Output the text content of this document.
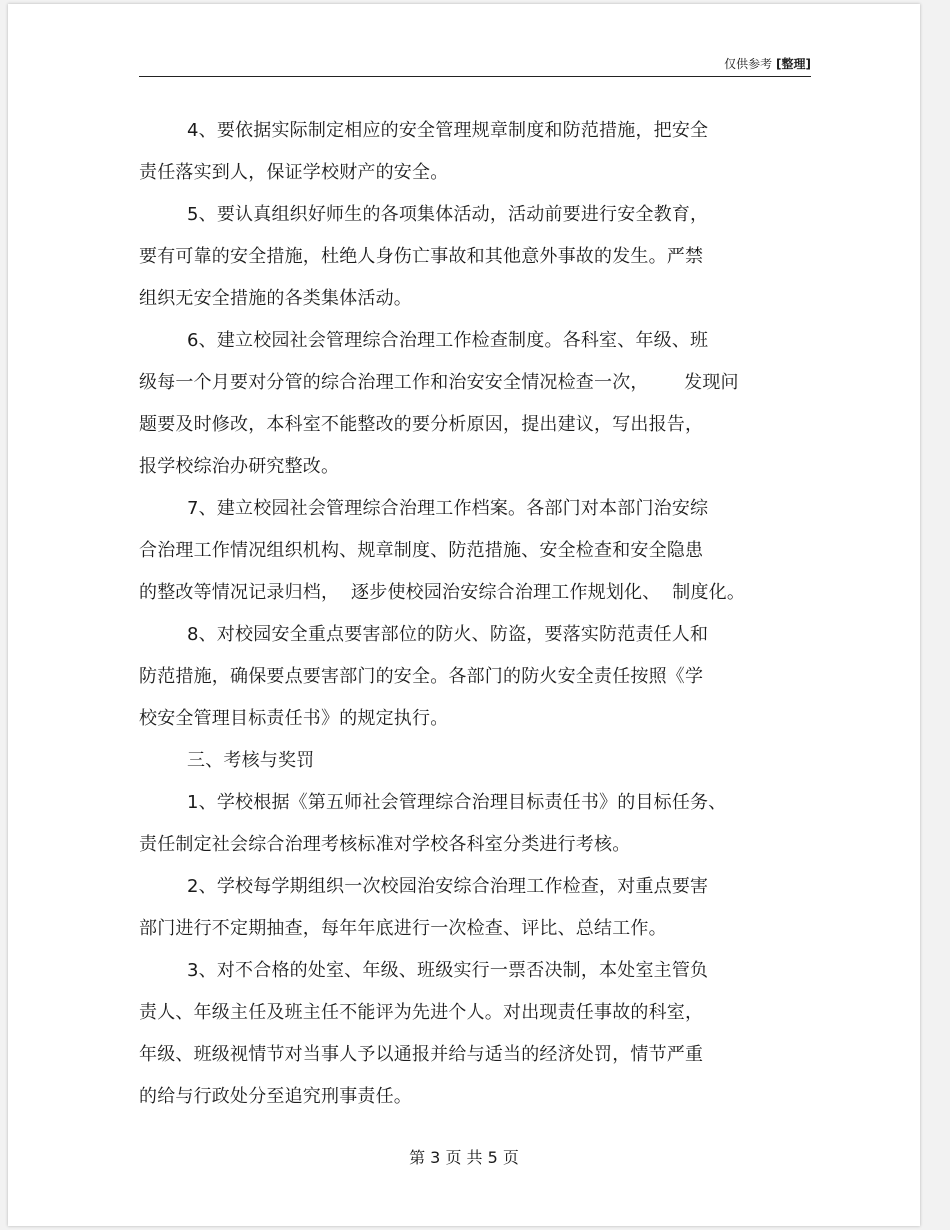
仅供参考 [整理]
4、要依据实际制定相应的安全管理规章制度和防范措施，把安全
责任落实到人，保证学校财产的安全。
5、要认真组织好师生的各项集体活动，活动前要进行安全教育，
要有可靠的安全措施，杜绝人身伤亡事故和其他意外事故的发生。严禁
组织无安全措施的各类集体活动。
6、建立校园社会管理综合治理工作检查制度。各科室、年级、班
级每一个月要对分管的综合治理工作和治安安全情况检查一次，      发现问
题要及时修改，本科室不能整改的要分析原因，提出建议，写出报告，
报学校综治办研究整改。
7、建立校园社会管理综合治理工作档案。各部门对本部门治安综
合治理工作情况组织机构、规章制度、防范措施、安全检查和安全隐患
的整改等情况记录归档，  逐步使校园治安综合治理工作规划化、  制度化。
8、对校园安全重点要害部位的防火、防盗，要落实防范责任人和
防范措施，确保要点要害部门的安全。各部门的防火安全责任按照《学
校安全管理目标责任书》的规定执行。
三、考核与奖罚
1、学校根据《第五师社会管理综合治理目标责任书》的目标任务、
责任制定社会综合治理考核标准对学校各科室分类进行考核。
2、学校每学期组织一次校园治安综合治理工作检查，对重点要害
部门进行不定期抽查，每年年底进行一次检查、评比、总结工作。
3、对不合格的处室、年级、班级实行一票否决制，本处室主管负
责人、年级主任及班主任不能评为先进个人。对出现责任事故的科室，
年级、班级视情节对当事人予以通报并给与适当的经济处罚，情节严重
的给与行政处分至追究刑事责任。
第 3 页 共 5 页
